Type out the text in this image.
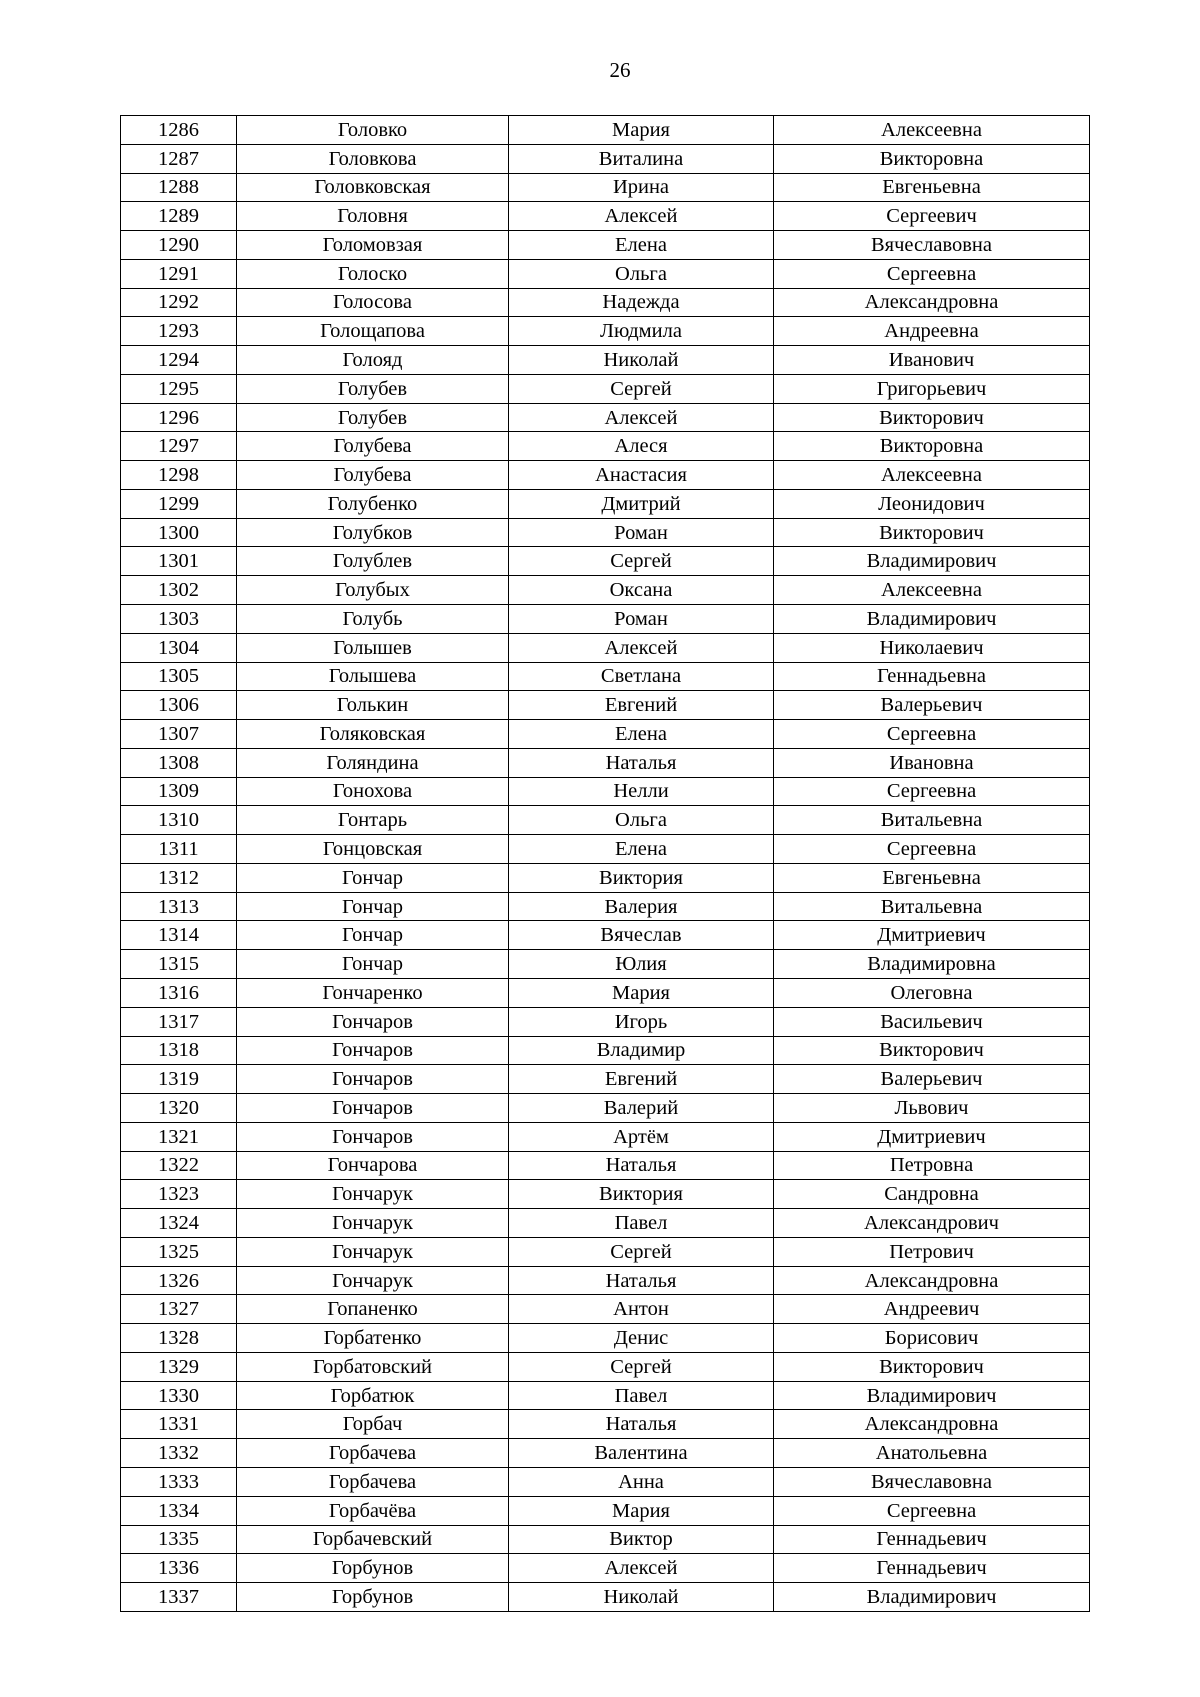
26
1286	Головко	Мария	Алексеевна
1287	Головкова	Виталина	Викторовна
1288	Головковская	Ирина	Евгеньевна
1289	Головня	Алексей	Сергеевич
1290	Голомовзая	Елена	Вячеславовна
1291	Голоско	Ольга	Сергеевна
1292	Голосова	Надежда	Александровна
1293	Голощапова	Людмила	Андреевна
1294	Голояд	Николай	Иванович
1295	Голубев	Сергей	Григорьевич
1296	Голубев	Алексей	Викторович
1297	Голубева	Алеся	Викторовна
1298	Голубева	Анастасия	Алексеевна
1299	Голубенко	Дмитрий	Леонидович
1300	Голубков	Роман	Викторович
1301	Голублев	Сергей	Владимирович
1302	Голубых	Оксана	Алексеевна
1303	Голубь	Роман	Владимирович
1304	Голышев	Алексей	Николаевич
1305	Голышева	Светлана	Геннадьевна
1306	Голькин	Евгений	Валерьевич
1307	Голяковская	Елена	Сергеевна
1308	Голяндина	Наталья	Ивановна
1309	Гонохова	Нелли	Сергеевна
1310	Гонтарь	Ольга	Витальевна
1311	Гонцовская	Елена	Сергеевна
1312	Гончар	Виктория	Евгеньевна
1313	Гончар	Валерия	Витальевна
1314	Гончар	Вячеслав	Дмитриевич
1315	Гончар	Юлия	Владимировна
1316	Гончаренко	Мария	Олеговна
1317	Гончаров	Игорь	Васильевич
1318	Гончаров	Владимир	Викторович
1319	Гончаров	Евгений	Валерьевич
1320	Гончаров	Валерий	Львович
1321	Гончаров	Артём	Дмитриевич
1322	Гончарова	Наталья	Петровна
1323	Гончарук	Виктория	Сандровна
1324	Гончарук	Павел	Александрович
1325	Гончарук	Сергей	Петрович
1326	Гончарук	Наталья	Александровна
1327	Гопаненко	Антон	Андреевич
1328	Горбатенко	Денис	Борисович
1329	Горбатовский	Сергей	Викторович
1330	Горбатюк	Павел	Владимирович
1331	Горбач	Наталья	Александровна
1332	Горбачева	Валентина	Анатольевна
1333	Горбачева	Анна	Вячеславовна
1334	Горбачёва	Мария	Сергеевна
1335	Горбачевский	Виктор	Геннадьевич
1336	Горбунов	Алексей	Геннадьевич
1337	Горбунов	Николай	Владимирович
